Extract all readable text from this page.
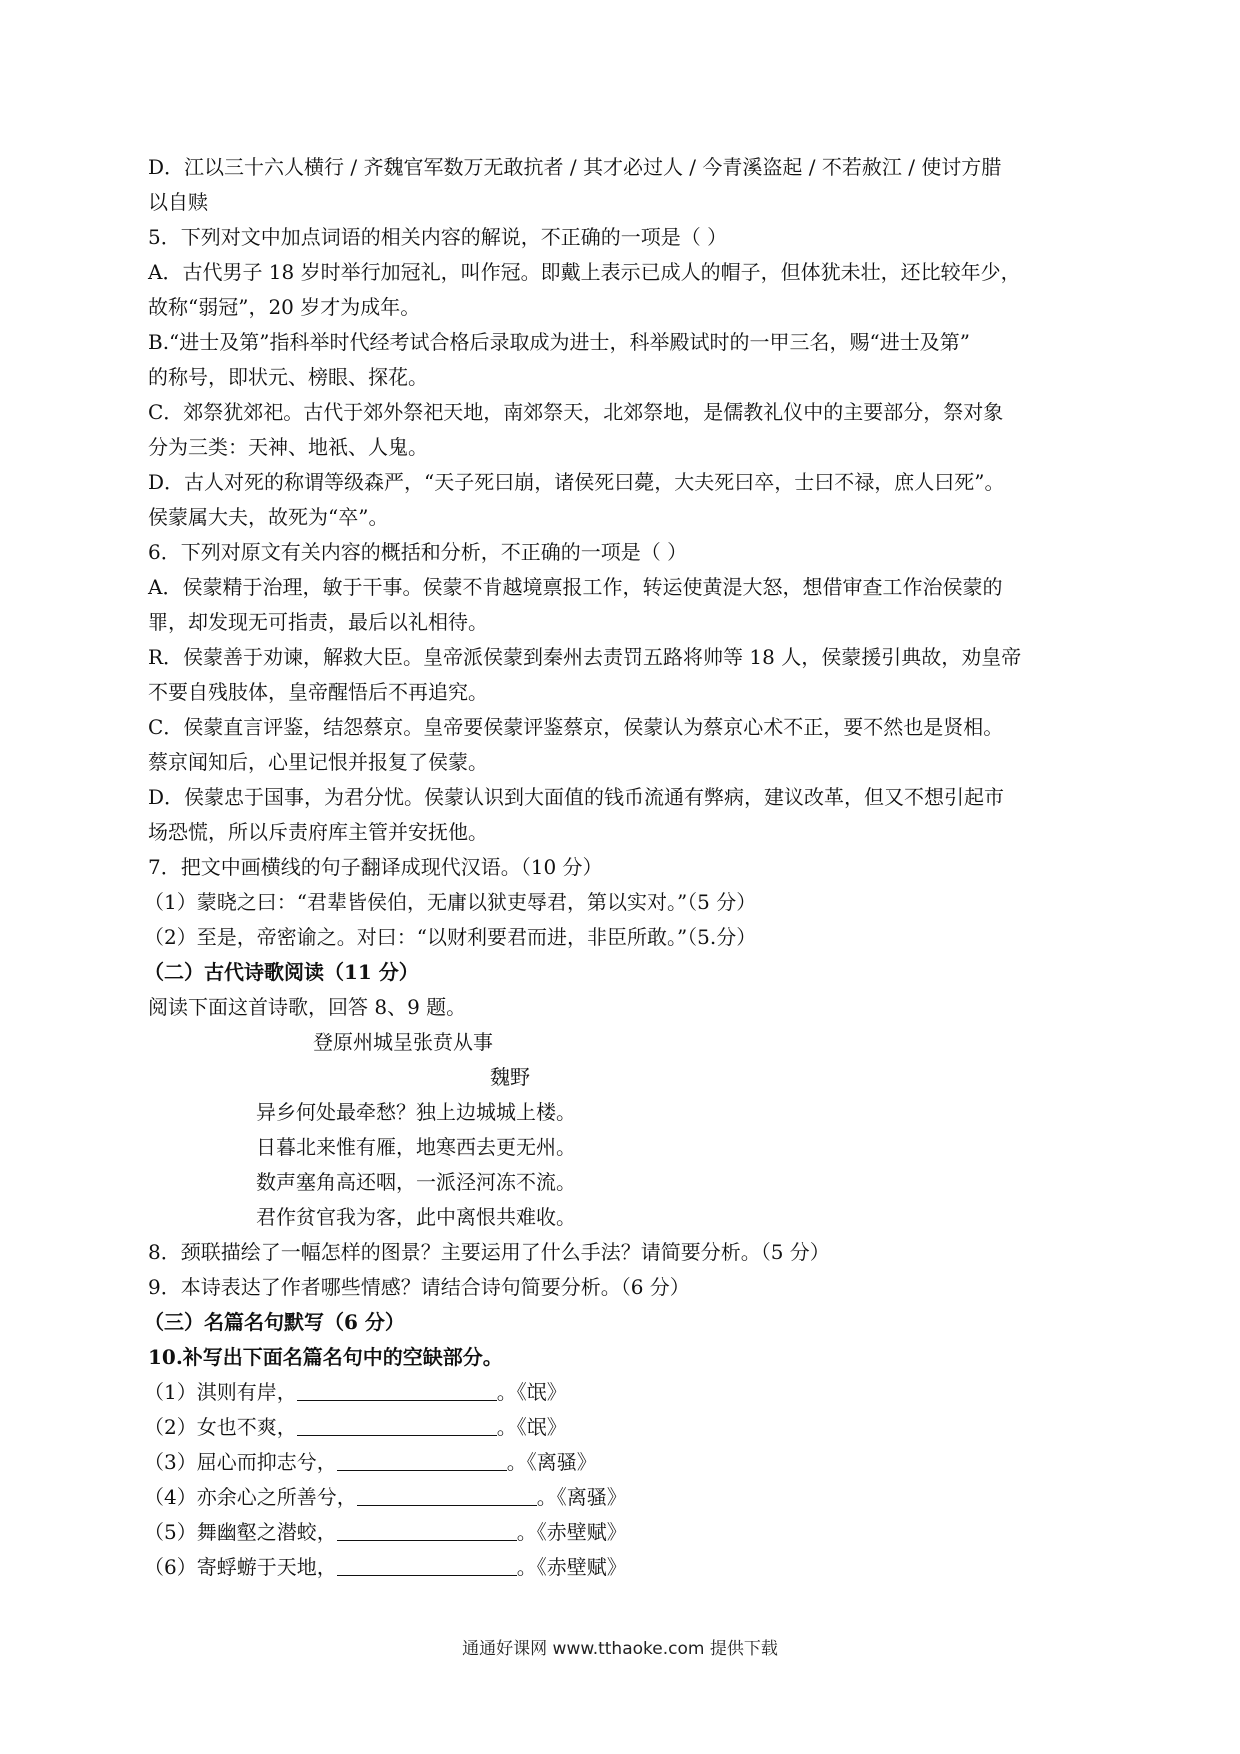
D．江以三十六人横行 / 齐魏官军数万无敢抗者 / 其才必过人 / 今青溪盗起 / 不若赦江 / 使讨方腊
以自赎
5．下列对文中加点词语的相关内容的解说，不正确的一项是（ ）
A．古代男子 18 岁时举行加冠礼，叫作冠。即戴上表示已成人的帽子，但体犹未壮，还比较年少，
故称“弱冠”，20 岁才为成年。
B.“进士及第”指科举时代经考试合格后录取成为进士，科举殿试时的一甲三名，赐“进士及第”
的称号，即状元、榜眼、探花。
C．郊祭犹郊祀。古代于郊外祭祀天地，南郊祭天，北郊祭地，是儒教礼仪中的主要部分，祭对象
分为三类：天神、地祇、人鬼。
D．古人对死的称谓等级森严，“天子死曰崩，诸侯死曰薨，大夫死曰卒，士曰不禄，庶人曰死”。
侯蒙属大夫，故死为“卒”。
6．下列对原文有关内容的概括和分析，不正确的一项是（ ）
A．侯蒙精于治理，敏于干事。侯蒙不肯越境禀报工作，转运使黄湜大怒，想借审查工作治侯蒙的
罪，却发现无可指责，最后以礼相待。
R．侯蒙善于劝谏，解救大臣。皇帝派侯蒙到秦州去责罚五路将帅等 18 人，侯蒙援引典故，劝皇帝
不要自残肢体，皇帝醒悟后不再追究。
C．侯蒙直言评鉴，结怨蔡京。皇帝要侯蒙评鉴蔡京，侯蒙认为蔡京心术不正，要不然也是贤相。
蔡京闻知后，心里记恨并报复了侯蒙。
D．侯蒙忠于国事，为君分忧。侯蒙认识到大面值的钱币流通有弊病，建议改革，但又不想引起市
场恐慌，所以斥责府库主管并安抚他。
7．把文中画横线的句子翻译成现代汉语。（10 分）
（1）蒙晓之曰：“君辈皆侯伯，无庸以狱吏辱君，第以实对。”（5 分）
（2）至是，帝密谕之。对曰：“以财利要君而进，非臣所敢。”（5.分）
（二）古代诗歌阅读（11 分）
阅读下面这首诗歌，回答 8、9 题。
登原州城呈张贲从事
魏野
异乡何处最牵愁？独上边城城上楼。
日暮北来惟有雁，地寒西去更无州。
数声塞角高还咽，一派泾河冻不流。
君作贫官我为客，此中离恨共难收。
8．颈联描绘了一幅怎样的图景？主要运用了什么手法？请简要分析。（5 分）
9．本诗表达了作者哪些情感？请结合诗句简要分析。（6 分）
（三）名篇名句默写（6 分）
10.补写出下面名篇名句中的空缺部分。
（1）淇则有岸，	。《氓》
（2）女也不爽，	。《氓》
（3）屈心而抑志兮，	。《离骚》
（4）亦余心之所善兮，	。《离骚》
（5）舞幽壑之潜蛟，	。《赤壁赋》
（6）寄蜉蝣于天地，	。《赤壁赋》
通通好课网 www.tthaoke.com 提供下载
